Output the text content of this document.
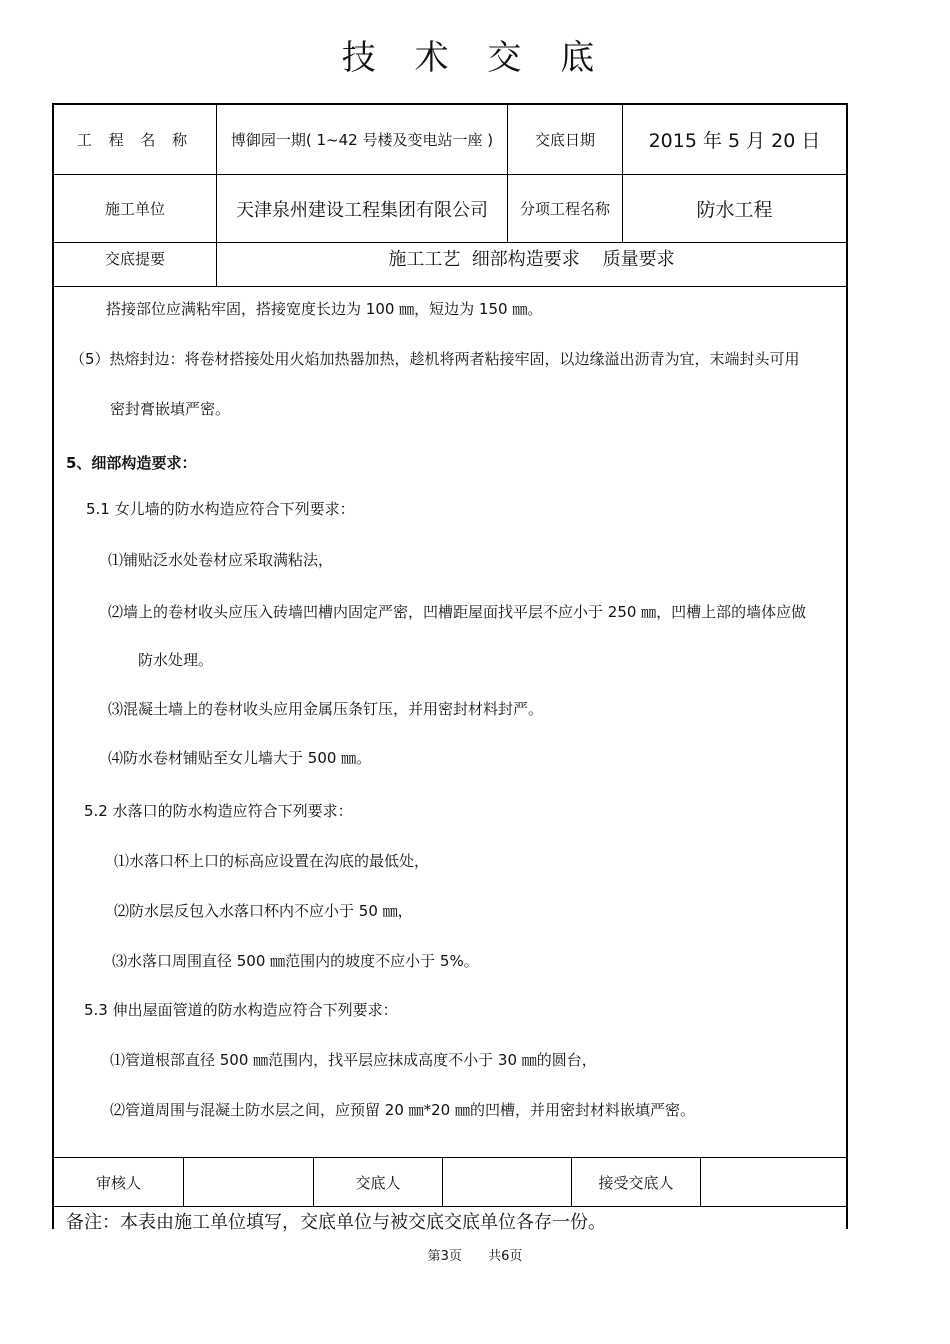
技 术 交 底
工 程 名 称	博御园一期( 1~42 号楼及变电站一座 )	交底日期	2015 年 5 月 20 日
施工单位	天津泉州建设工程集团有限公司	分项工程名称	防水工程
交底提要	施工工艺  细部构造要求    质量要求
审核人	交底人	接受交底人
搭接部位应满粘牢固，搭接宽度长边为 100 ㎜，短边为 150 ㎜。
（5）热熔封边：将卷材搭接处用火焰加热器加热，趁机将两者粘接牢固，以边缘溢出沥青为宜，末端封头可用
密封膏嵌填严密。
5、细部构造要求：
5.1 女儿墙的防水构造应符合下列要求：
⑴铺贴泛水处卷材应采取满粘法，
⑵墙上的卷材收头应压入砖墙凹槽内固定严密，凹槽距屋面找平层不应小于 250 ㎜，凹槽上部的墙体应做
防水处理。
⑶混凝土墙上的卷材收头应用金属压条钉压，并用密封材料封严。
⑷防水卷材铺贴至女儿墙大于 500 ㎜。
5.2 水落口的防水构造应符合下列要求：
⑴水落口杯上口的标高应设置在沟底的最低处，
⑵防水层反包入水落口杯内不应小于 50 ㎜，
⑶水落口周围直径 500 ㎜范围内的坡度不应小于 5%。
5.3 伸出屋面管道的防水构造应符合下列要求：
⑴管道根部直径 500 ㎜范围内，找平层应抹成高度不小于 30 ㎜的圆台，
⑵管道周围与混凝土防水层之间，应预留 20 ㎜*20 ㎜的凹槽，并用密封材料嵌填严密。
备注：本表由施工单位填写，交底单位与被交底交底单位各存一份。
第3页 共6页
